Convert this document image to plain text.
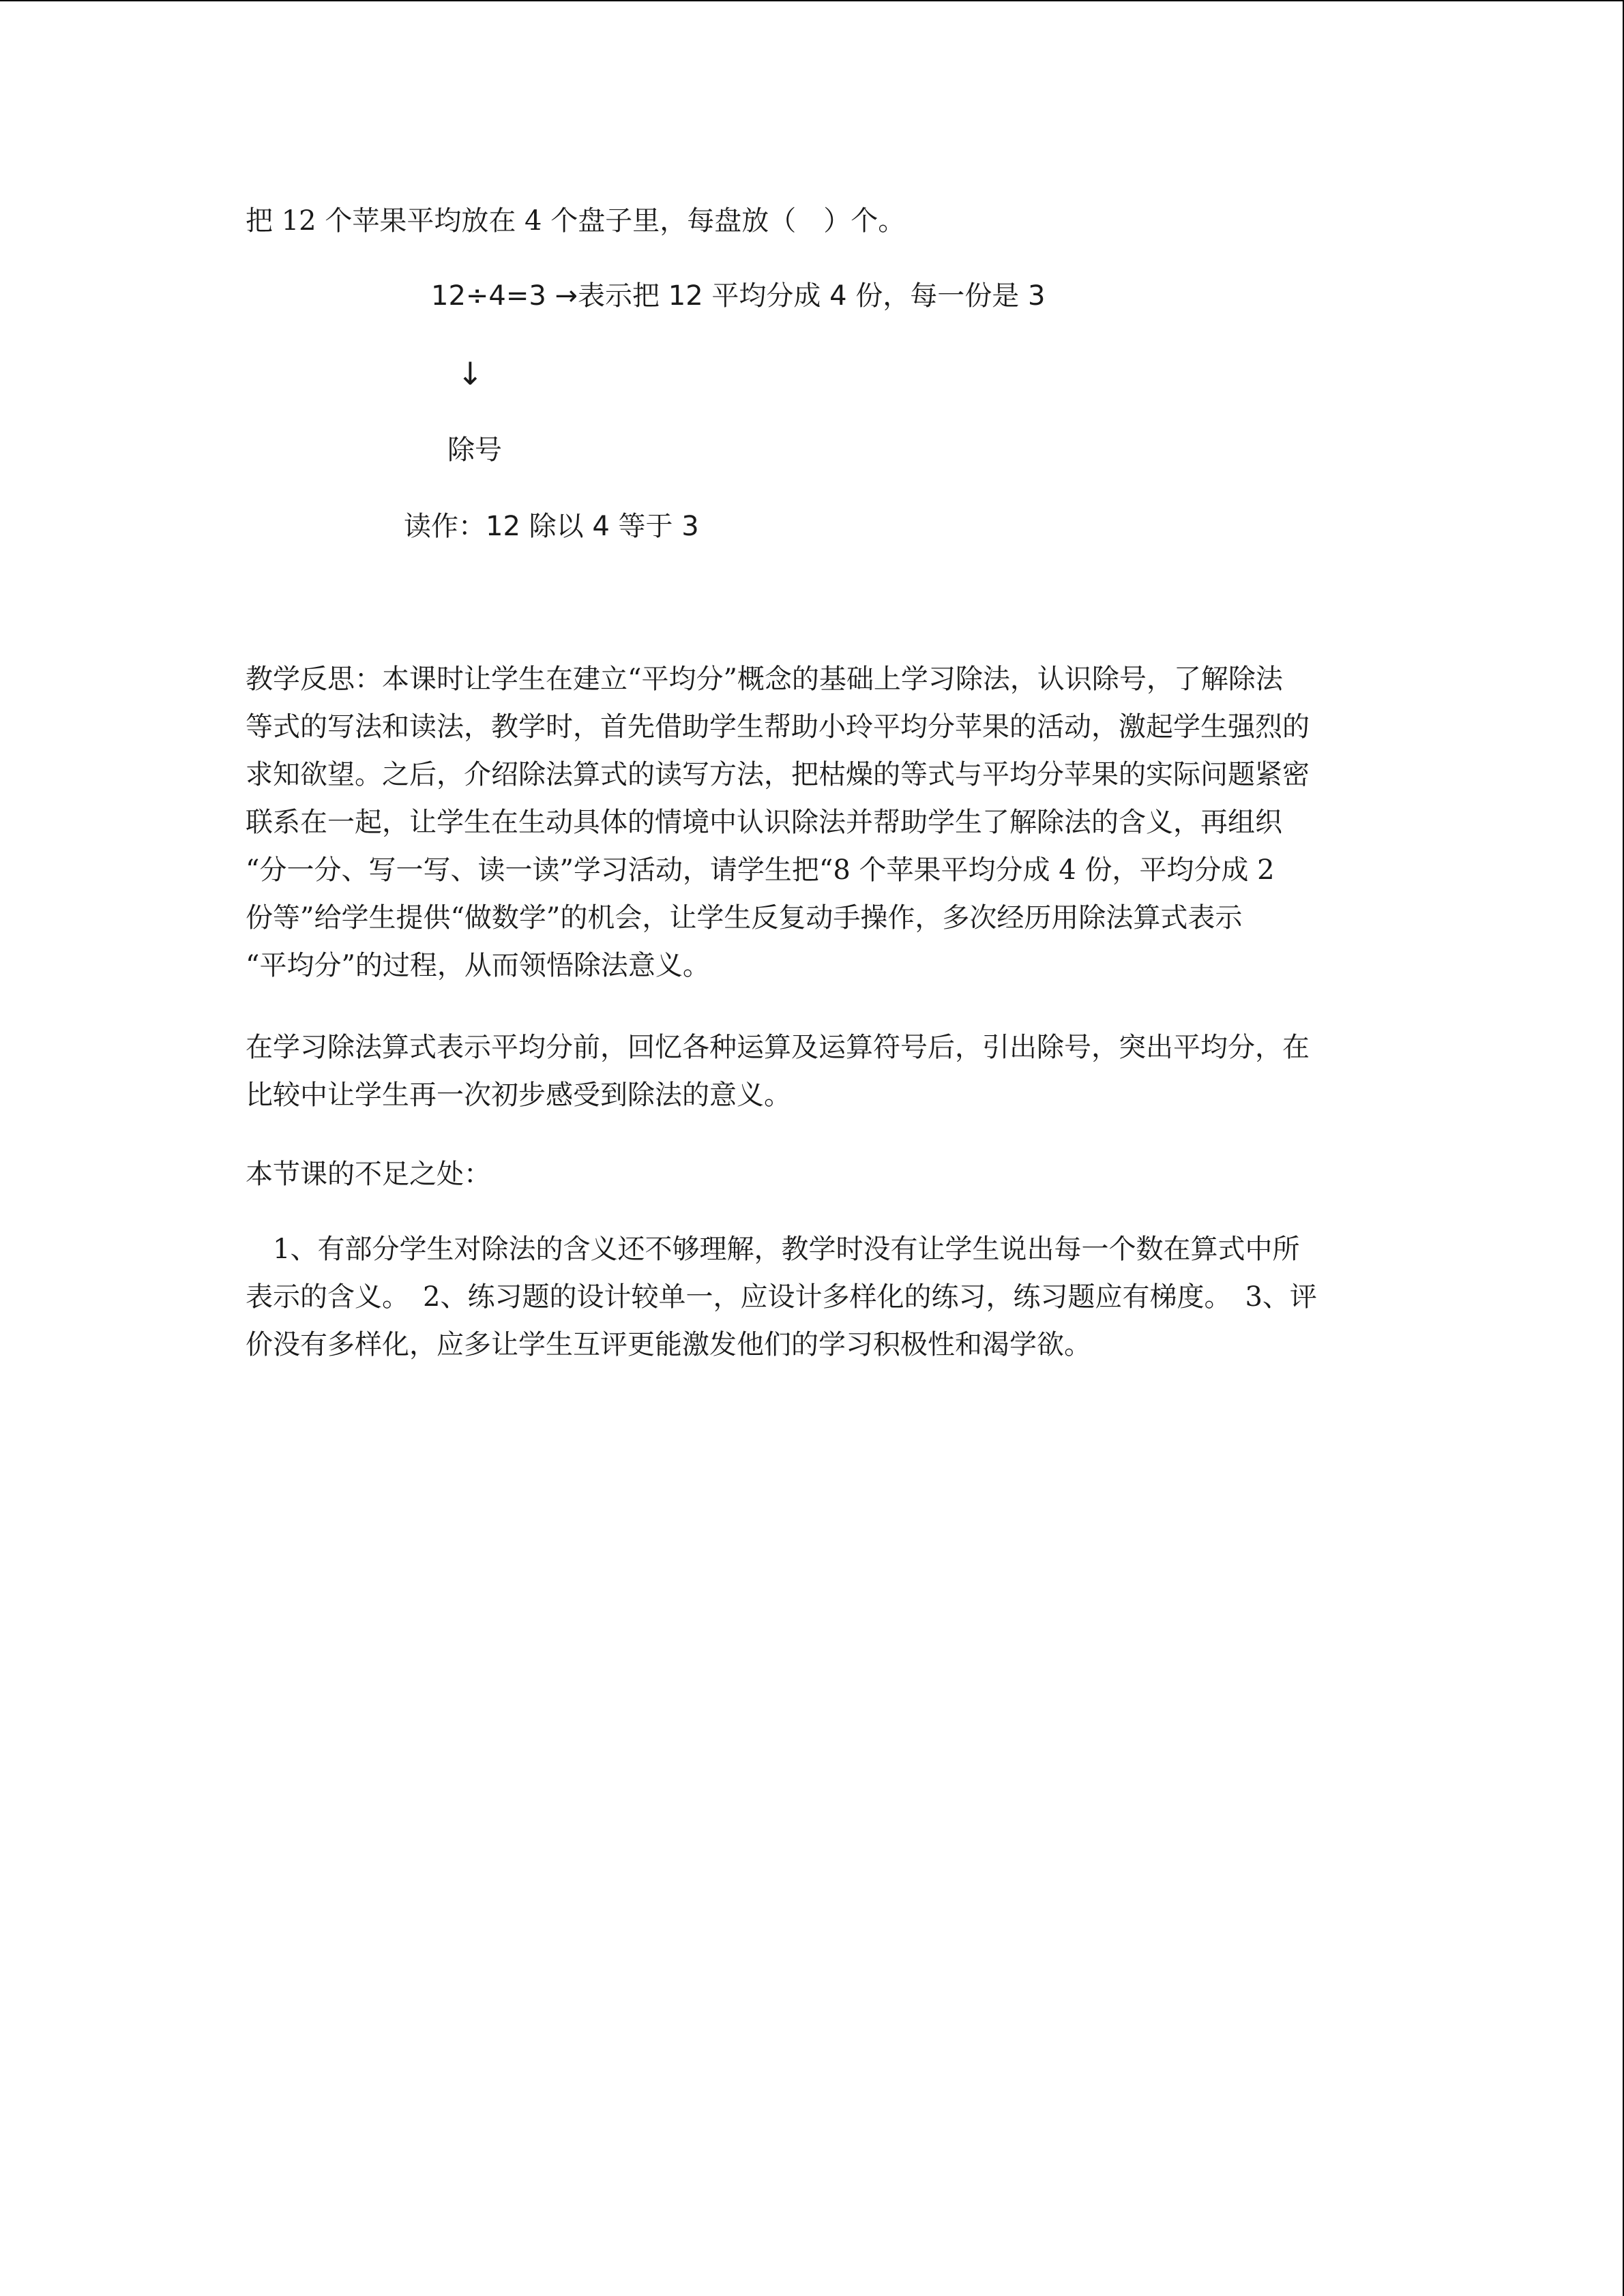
把 12 个苹果平均放在 4 个盘子里，每盘放（　）个。
12÷4=3 →表示把 12 平均分成 4 份，每一份是 3
↓
除号
读作：12 除以 4 等于 3
教学反思：本课时让学生在建立“平均分”概念的基础上学习除法，认识除号，了解除法
等式的写法和读法，教学时，首先借助学生帮助小玲平均分苹果的活动，激起学生强烈的
求知欲望。之后，介绍除法算式的读写方法，把枯燥的等式与平均分苹果的实际问题紧密
联系在一起，让学生在生动具体的情境中认识除法并帮助学生了解除法的含义，再组织
“分一分、写一写、读一读”学习活动，请学生把“8 个苹果平均分成 4 份，平均分成 2
份等”给学生提供“做数学”的机会，让学生反复动手操作，多次经历用除法算式表示
“平均分”的过程，从而领悟除法意义。
在学习除法算式表示平均分前，回忆各种运算及运算符号后，引出除号，突出平均分，在
比较中让学生再一次初步感受到除法的意义。
本节课的不足之处：
　1、有部分学生对除法的含义还不够理解，教学时没有让学生说出每一个数在算式中所
表示的含义。　2、练习题的设计较单一，应设计多样化的练习，练习题应有梯度。　3、评
价没有多样化，应多让学生互评更能激发他们的学习积极性和渴学欲。
